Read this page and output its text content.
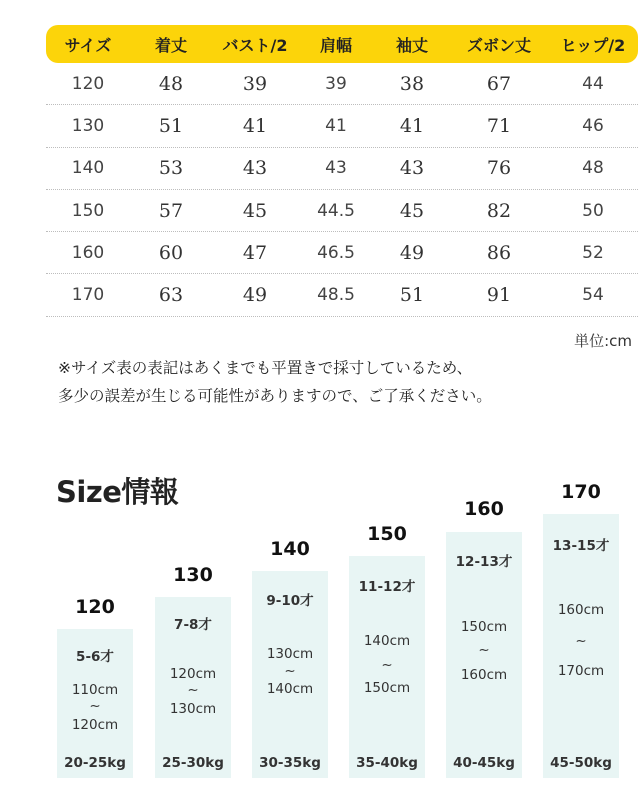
サイズ	着丈	バスト/2	肩幅	袖丈	ズボン丈	ヒップ/2
120	48	39	39	38	67	44
130	51	41	41	41	71	46
140	53	43	43	43	76	48
150	57	45	44.5	45	82	50
160	60	47	46.5	49	86	52
170	63	49	48.5	51	91	54
単位:cm

※サイズ表の表記はあくまでも平置きで採寸しているため、

多少の誤差が生じる可能性がありますので、ご了承ください。

Size情報
120
5-6才
110cm
~
120cm
20-25kg
130
7-8才
120cm
~
130cm
25-30kg
140
9-10才
130cm
~
140cm
30-35kg
150
11-12才
140cm
~
150cm
35-40kg
160
12-13才
150cm
~
160cm
40-45kg
170
13-15才
160cm
~
170cm
45-50kg
